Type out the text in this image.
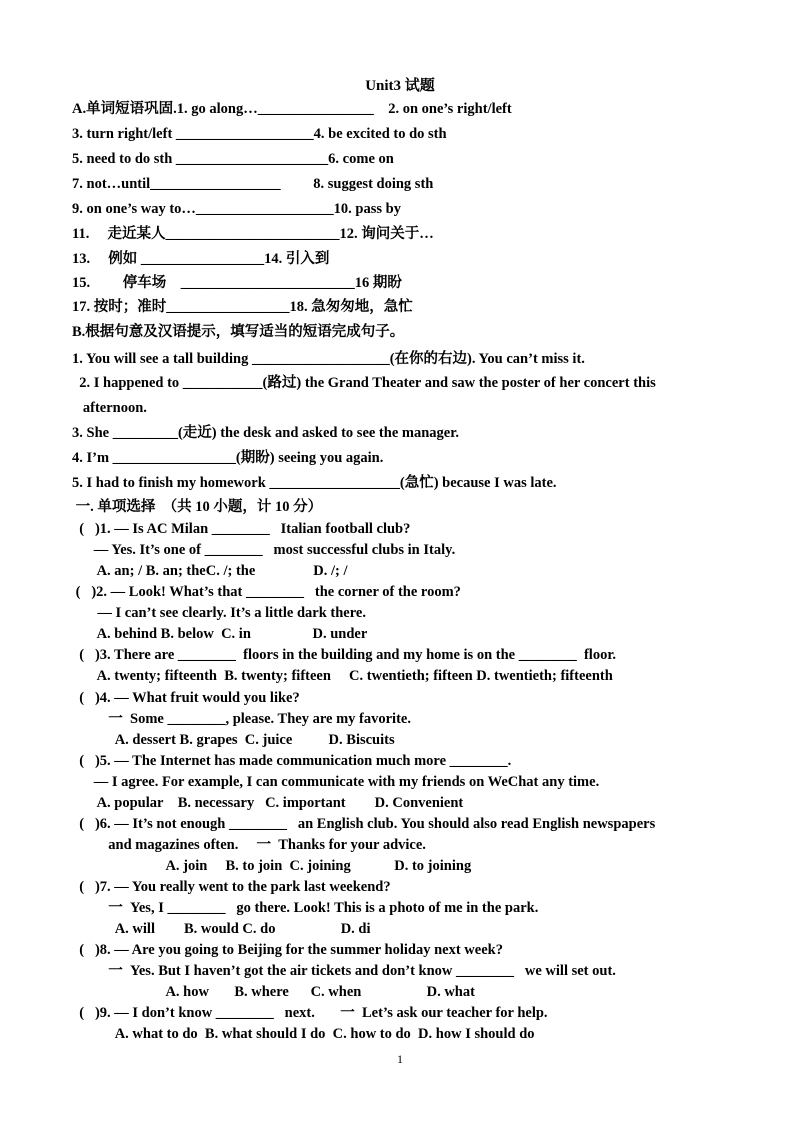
Unit3 试题
A.单词短语巩固.1. go along…________________    2. on one’s right/left
3. turn right/left ___________________4. be excited to do sth
5. need to do sth _____________________6. come on
7. not…until__________________         8. suggest doing sth
9. on one’s way to…___________________10. pass by
11.     走近某人________________________12. 询问关于…
13.     例如 _________________14. 引入到
15.         停车场    ________________________16 期盼
17. 按时；准时_________________18. 急匆匆地，急忙
B.根据句意及汉语提示，填写适当的短语完成句子。
1. You will see a tall building ___________________(在你的右边). You can’t miss it.
2. I happened to ___________(路过) the Grand Theater and saw the poster of her concert this
afternoon.
3. She _________(走近) the desk and asked to see the manager.
4. I’m _________________(期盼) seeing you again.
5. I had to finish my homework __________________(急忙) because I was late.
一. 单项选择  （共 10 小题，计 10 分）
(   )1. — Is AC Milan ________   Italian football club?
— Yes. It’s one of ________   most successful clubs in Italy.
A. an; / B. an; theC. /; the                D. /; /
(   )2. — Look! What’s that ________   the corner of the room?
— I can’t see clearly. It’s a little dark there.
A. behind B. below  C. in                 D. under
(   )3. There are ________  floors in the building and my home is on the ________  floor.
A. twenty; fifteenth  B. twenty; fifteen     C. twentieth; fifteen D. twentieth; fifteenth
(   )4. — What fruit would you like?
一  Some ________, please. They are my favorite.
A. dessert B. grapes  C. juice          D. Biscuits
(   )5. — The Internet has made communication much more ________.
— I agree. For example, I can communicate with my friends on WeChat any time.
A. popular    B. necessary   C. important        D. Convenient
(   )6. — It’s not enough ________   an English club. You should also read English newspapers
and magazines often.     一  Thanks for your advice.
A. join     B. to join  C. joining            D. to joining
(   )7. — You really went to the park last weekend?
一  Yes, I ________   go there. Look! This is a photo of me in the park.
A. will        B. would C. do                  D. di
(   )8. — Are you going to Beijing for the summer holiday next week?
一  Yes. But I haven’t got the air tickets and don’t know ________   we will set out.
A. how       B. where      C. when                  D. what
(   )9. — I don’t know ________   next.       一  Let’s ask our teacher for help.
A. what to do  B. what should I do  C. how to do  D. how I should do
1
